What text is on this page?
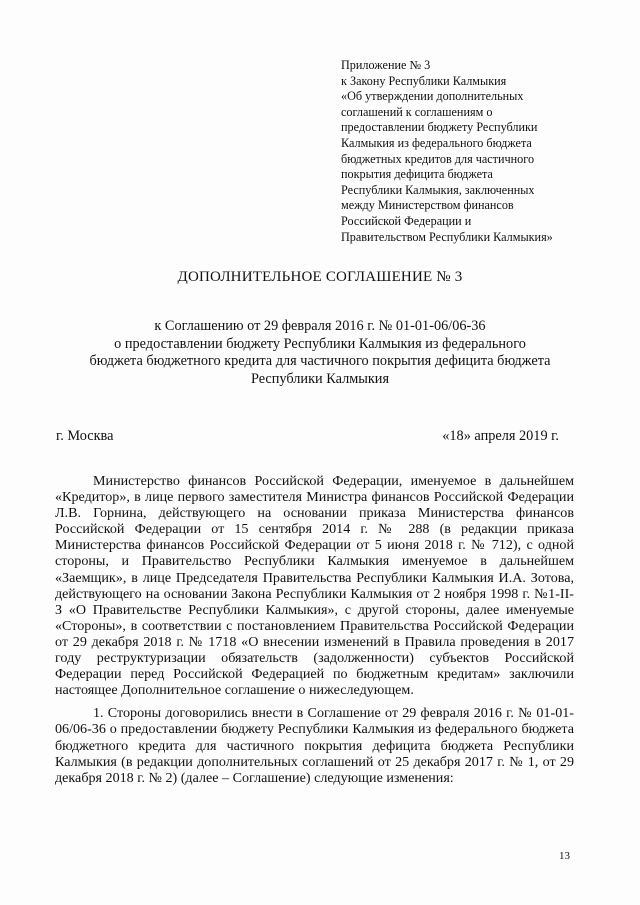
Приложение № 3
к Закону Республики Калмыкия
«Об утверждении дополнительных
соглашений к соглашениям о
предоставлении бюджету Республики
Калмыкия из федерального бюджета
бюджетных кредитов для частичного
покрытия дефицита бюджета
Республики Калмыкия, заключенных
между Министерством финансов
Российской Федерации и
Правительством Республики Калмыкия»
ДОПОЛНИТЕЛЬНОЕ СОГЛАШЕНИЕ № 3
к Соглашению от 29 февраля 2016 г. № 01-01-06/06-36
о предоставлении бюджету Республики Калмыкия из федерального
бюджета бюджетного кредита для частичного покрытия дефицита бюджета
Республики Калмыкия
г. Москва	«18» апреля 2019 г.

Министерство финансов Российской Федерации, именуемое в дальнейшем «Кредитор», в лице первого заместителя Министра финансов Российской Федерации Л.В. Горнина, действующего на основании приказа Министерства финансов Российской Федерации от 15 сентября 2014 г. № 288 (в редакции приказа Министерства финансов Российской Федерации от 5 июня 2018 г. № 712), с одной стороны, и Правительство Республики Калмыкия именуемое в дальнейшем «Заемщик», в лице Председателя Правительства Республики Калмыкия И.А. Зотова, действующего на основании Закона Республики Калмыкия от 2 ноября 1998 г. №1-II-З «О Правительстве Республики Калмыкия», с другой стороны, далее именуемые «Стороны», в соответствии с постановлением Правительства Российской Федерации от 29 декабря 2018 г. № 1718 «О внесении изменений в Правила проведения в 2017 году реструктуризации обязательств (задолженности) субъектов Российской Федерации перед Российской Федерацией по бюджетным кредитам» заключили настоящее Дополнительное соглашение о нижеследующем.

1. Стороны договорились внести в Соглашение от 29 февраля 2016 г. № 01-01-06/06-36 о предоставлении бюджету Республики Калмыкия из федерального бюджета бюджетного кредита для частичного покрытия дефицита бюджета Республики Калмыкия (в редакции дополнительных соглашений от 25 декабря 2017 г. № 1, от 29 декабря 2018 г. № 2) (далее – Соглашение) следующие изменения:

13
